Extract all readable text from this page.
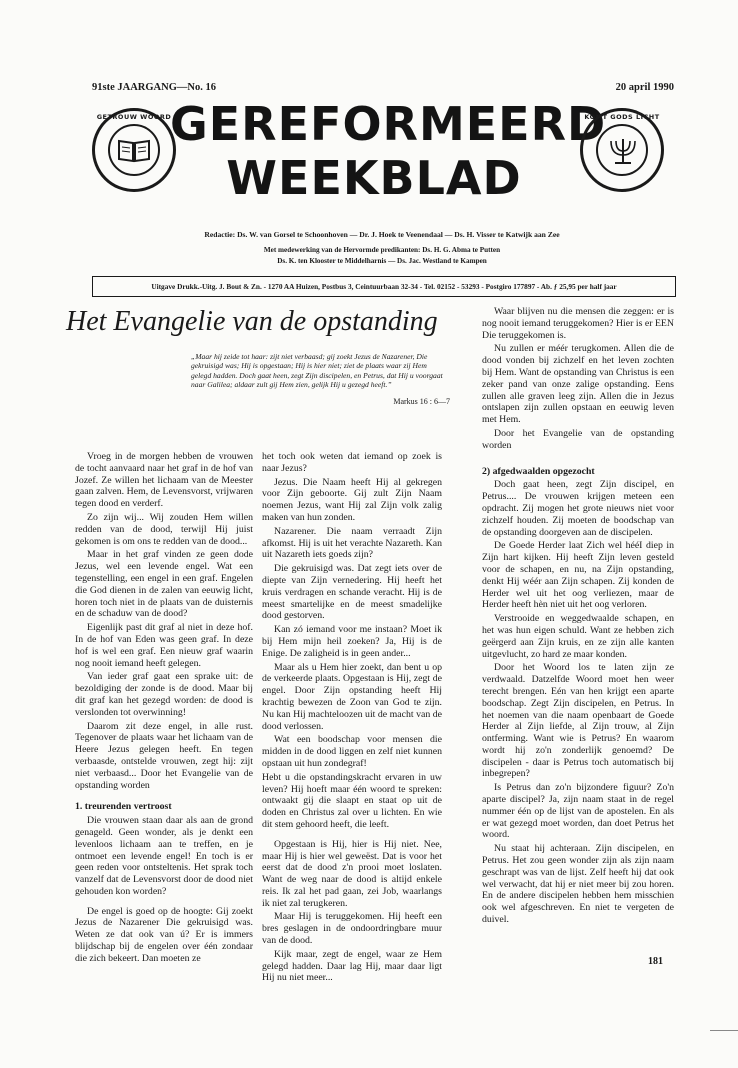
91ste JAARGANG—No. 16	20 april 1990
GETROUW WOORD
GEREFORMEERD
WEEKBLAD
KOMT GODS LICHT
Redactie: Ds. W. van Gorsel te Schoonhoven — Dr. J. Hoek te Veenendaal — Ds. H. Visser te Katwijk aan Zee
Met medewerking van de Hervormde predikanten: Ds. H. G. Abma te Putten
Ds. K. ten Klooster te Middelharnis — Ds. Jac. Westland te Kampen
Uitgave Drukk.-Uitg. J. Bout & Zn. - 1270 AA Huizen, Postbus 3, Ceintuurbaan 32-34 - Tel. 02152 - 53293 - Postgiro 177897 - Ab. ƒ 25,95 per half jaar
Het Evangelie van de opstanding
„Maar hij zeide tot haar: zijt niet verbaasd; gij zoekt Jezus de Nazarener, Die gekruisigd was; Hij is opgestaan; Hij is hier niet; ziet de plaats waar zij Hem gelegd hadden. Doch gaat heen, zegt Zijn discipelen, en Petrus, dat Hij u voorgaat naar Galilea; aldaar zult gij Hem zien, gelijk Hij u gezegd heeft.”
Markus 16 : 6—7

Vroeg in de morgen hebben de vrouwen de tocht aanvaard naar het graf in de hof van Jozef. Ze willen het lichaam van de Meester gaan zalven. Hem, de Levensvorst, vrijwaren tegen dood en verderf.

Zo zijn wij... Wij zouden Hem willen redden van de dood, terwijl Hij juist gekomen is om ons te redden van de dood...

Maar in het graf vinden ze geen dode Jezus, wel een levende engel. Wat een tegenstelling, een engel in een graf. Engelen die God dienen in de zalen van eeuwig licht, horen toch niet in de plaats van de duisternis en de schaduw van de dood?

Eigenlijk past dit graf al niet in deze hof. In de hof van Eden was geen graf. In deze hof is wel een graf. Een nieuw graf waarin nog nooit iemand heeft gelegen.

Van ieder graf gaat een sprake uit: de bezoldiging der zonde is de dood. Maar bij dit graf kan het gezegd worden: de dood is verslonden tot overwinning!

Daarom zit deze engel, in alle rust. Tegenover de plaats waar het lichaam van de Heere Jezus gelegen heeft. En tegen verbaasde, ontstelde vrouwen, zegt hij: zijt niet verbaasd... Door het Evangelie van de opstanding worden

1. treurenden vertroost

Die vrouwen staan daar als aan de grond genageld. Geen wonder, als je denkt een levenloos lichaam aan te treffen, en je ontmoet een levende engel! En toch is er geen reden voor ontsteltenis. Het sprak toch vanzelf dat de Levensvorst door de dood niet gehouden kon worden?

De engel is goed op de hoogte: Gij zoekt Jezus de Nazarener Die gekruisigd was. Weten ze dat ook van ú? Er is immers blijdschap bij de engelen over één zondaar die zich bekeert. Dan moeten ze

het toch ook weten dat iemand op zoek is naar Jezus?

Jezus. Die Naam heeft Hij al gekregen voor Zijn geboorte. Gij zult Zijn Naam noemen Jezus, want Hij zal Zijn volk zalig maken van hun zonden.

Nazarener. Die naam verraadt Zijn afkomst. Hij is uit het verachte Nazareth. Kan uit Nazareth iets goeds zijn?

Die gekruisigd was. Dat zegt iets over de diepte van Zijn vernedering. Hij heeft het kruis verdragen en schande veracht. Hij is de meest smartelijke en de meest smadelijke dood gestorven.

Kan zó iemand voor me instaan? Moet ik bij Hem mijn heil zoeken? Ja, Hij is de Enige. De zaligheid is in geen ander...

Maar als u Hem hier zoekt, dan bent u op de verkeerde plaats. Opgestaan is Hij, zegt de engel. Door Zijn opstanding heeft Hij krachtig bewezen de Zoon van God te zijn. Nu kan Hij machteloozen uit de macht van de dood verlossen.

Wat een boodschap voor mensen die midden in de dood liggen en zelf niet kunnen opstaan uit hun zondegraf!

Hebt u die opstandingskracht ervaren in uw leven? Hij hoeft maar één woord te spreken: ontwaakt gij die slaapt en staat op uit de doden en Christus zal over u lichten. En wie dit stem gehoord heeft, die leeft.

Opgestaan is Hij, hier is Hij niet. Nee, maar Hij is hier wel geweëst. Dat is voor het eerst dat de dood z'n prooi moet loslaten. Want de weg naar de dood is altijd enkele reis. Ik zal het pad gaan, zei Job, waarlangs ik niet zal terugkeren.

Maar Hij is teruggekomen. Hij heeft een bres geslagen in de ondoordringbare muur van de dood.

Kijk maar, zegt de engel, waar ze Hem gelegd hadden. Daar lag Hij, maar daar ligt Hij nu niet meer...

Waar blijven nu die mensen die zeggen: er is nog nooit iemand teruggekomen? Hier is er EEN Die teruggekomen is.

Nu zullen er méér terugkomen. Allen die de dood vonden bij zichzelf en het leven zochten bij Hem. Want de opstanding van Christus is een zeker pand van onze zalige opstanding. Eens zullen alle graven leeg zijn. Allen die in Jezus ontslapen zijn zullen opstaan en eeuwig leven met Hem.

Door het Evangelie van de opstanding worden

2) afgedwaalden opgezocht

Doch gaat heen, zegt Zijn discipel, en Petrus.... De vrouwen krijgen meteen een opdracht. Zij mogen het grote nieuws niet voor zichzelf houden. Zij moeten de boodschap van de opstanding doorgeven aan de discipelen.

De Goede Herder laat Zich wel hééI diep in Zijn hart kijken. Hij heeft Zijn leven gesteld voor de schapen, en nu, na Zijn opstanding, denkt Hij wéér aan Zijn schapen. Zij konden de Herder wel uit het oog verliezen, maar de Herder heeft hèn niet uit het oog verloren.

Verstrooide en weggedwaalde schapen, en het was hun eigen schuld. Want ze hebben zich geërgerd aan Zijn kruis, en ze zijn alle kanten uitgevlucht, zo hard ze maar konden.

Door het Woord los te laten zijn ze verdwaald. Datzelfde Woord moet hen weer terecht brengen. Eén van hen krijgt een aparte boodschap. Zegt Zijn discipelen, en Petrus. In het noemen van die naam openbaart de Goede Herder al Zijn liefde, al Zijn trouw, al Zijn ontferming. Want wie is Petrus? En waarom wordt hij zo'n zonderlijk genoemd? De discipelen - daar is Petrus toch automatisch bij inbegrepen?

Is Petrus dan zo'n bijzondere figuur? Zo'n aparte discipel? Ja, zijn naam staat in de regel nummer één op de lijst van de apostelen. En als er wat gezegd moet worden, dan doet Petrus het woord.

Nu staat hij achteraan. Zijn discipelen, en Petrus. Het zou geen wonder zijn als zijn naam geschrapt was van de lijst. Zelf heeft hij dat ook wel verwacht, dat hij er niet meer bij zou horen. En de andere discipelen hebben hem misschien ook wel afgeschreven. En niet te vergeten de duivel.

181
